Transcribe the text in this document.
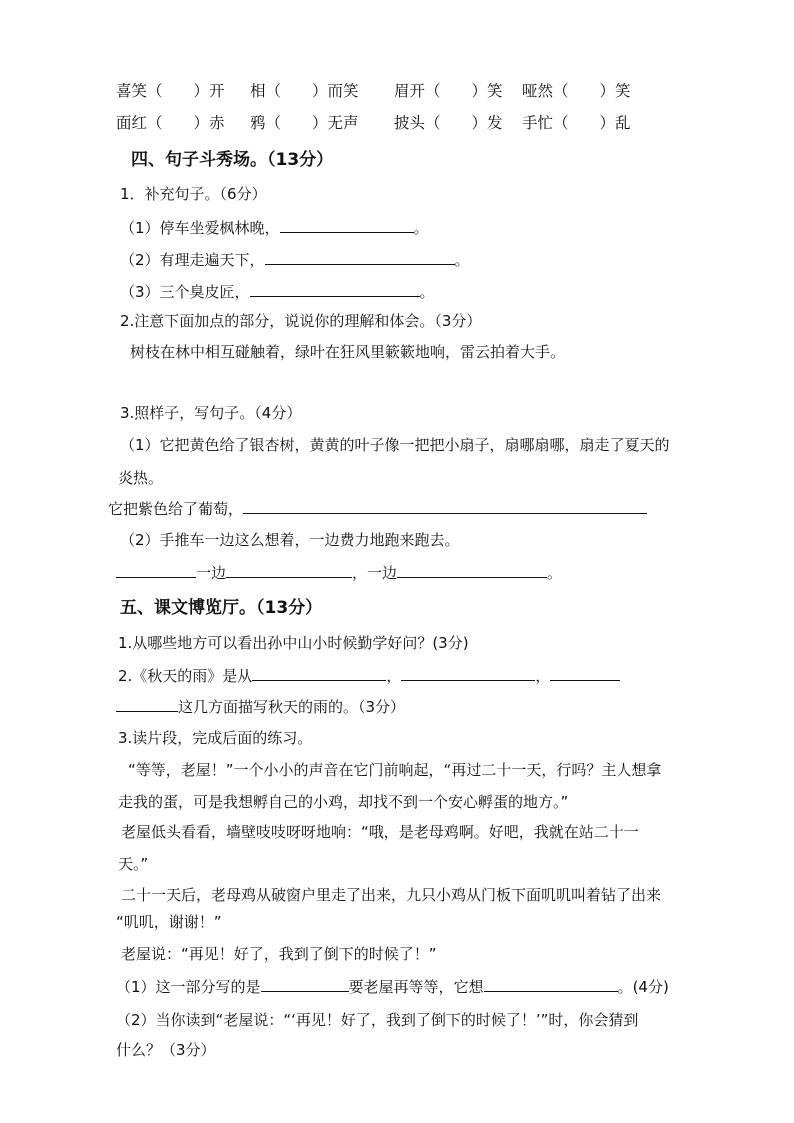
喜笑（　　）开 相（　　）而笑 眉开（　　）笑 哑然（　　）笑
面红（　　）赤 鸦（　　）无声 披头（　　）发 手忙（　　）乱
四、句子斗秀场。（13分）
1．补充句子。（6分）
（1）停车坐爱枫林晚，	。
（2）有理走遍天下，	。
（3）三个臭皮匠，	。
2.注意下面加点的部分，说说你的理解和体会。（3分）
树枝在林中相互碰触着，绿叶在狂风里簌簌地响，雷云拍着大手。
3.照样子，写句子。（4分）
（1）它把黄色给了银杏树，黄黄的叶子像一把把小扇子，扇哪扇哪，扇走了夏天的
炎热。
它把紫色给了葡萄，
（2）手推车一边这么想着，一边费力地跑来跑去。
一边	，一边	。
五、课文博览厅。（13分）
1.从哪些地方可以看出孙中山小时候勤学好问？(3分)
2.《秋天的雨》是从	，	，
这几方面描写秋天的雨的。（3分）
3.读片段，完成后面的练习。
“等等，老屋！”一个小小的声音在它门前响起，“再过二十一天，行吗？主人想拿
走我的蛋，可是我想孵自己的小鸡，却找不到一个安心孵蛋的地方。”
老屋低头看看，墙壁吱吱呀呀地响：“哦，是老母鸡啊。好吧，我就在站二十一
天。”
二十一天后，老母鸡从破窗户里走了出来，九只小鸡从门板下面叽叽叫着钻了出来
“叽叽，谢谢！”
老屋说：“再见！好了，我到了倒下的时候了！”
（1）这一部分写的是	要老屋再等等，它想	。(4分)
（2）当你读到“老屋说：“‘再见！好了，我到了倒下的时候了！’”时，你会猜到
什么？（3分）
